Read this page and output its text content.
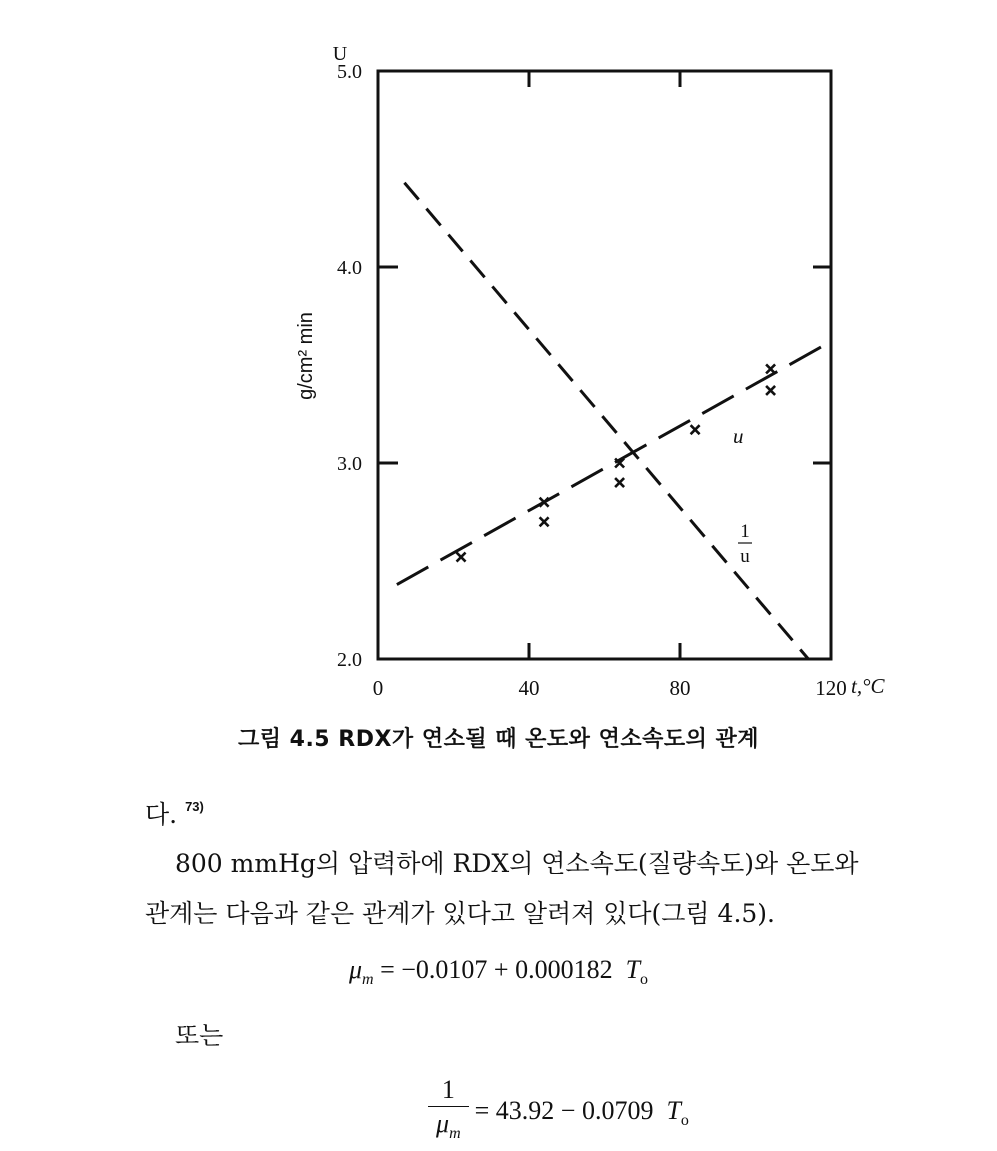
0	40	80	120
2.0
3.0
4.0
5.0
U
g/cm² min
t,°C
u
1
u
그림 4.5 RDX가 연소될 때 온도와 연소속도의 관계
다. $^{73)}$
800 mmHg의 압력하에 RDX의 연소속도(질량속도)와 온도와
관계는 다음과 같은 관계가 있다고 알려져 있다(그림 4.5).
$\mu_m = -0.0107 + 0.000182$ $T_o$
또는
$\frac{1}{\mu_m} = 43.92 - 0.0709$ $T_o$
